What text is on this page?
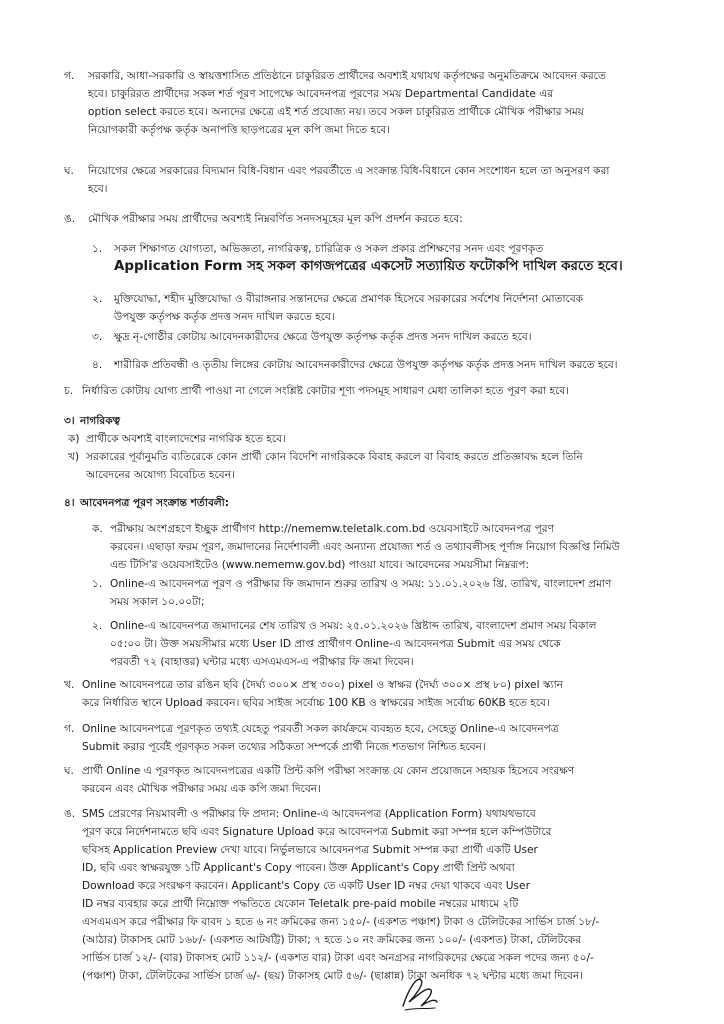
গ. সরকারি, আধা-সরকারি ও স্বায়ত্তশাসিত প্রতিষ্ঠানে চাকুরিরত প্রার্থীদের অবশ্যই যথাযথ কর্তৃপক্ষের অনুমতিক্রমে আবেদন করতে
হবে। চাকুরিরত প্রার্থীদের সকল শর্ত পূরণ সাপেক্ষে আবেদনপত্র পূরণের সময় Departmental Candidate এর
option select করতে হবে। অন্যদের ক্ষেত্রে এই শর্ত প্রযোজ্য নয়। তবে সকল চাকুরিরত প্রার্থীকে মৌখিক পরীক্ষার সময়
নিয়োগকারী কর্তৃপক্ষ কর্তৃক অনাপত্তি ছাড়পত্রের মূল কপি জমা দিতে হবে।
ঘ. নিয়োগের ক্ষেত্রে সরকারের বিদ্যমান বিধি-বিধান এবং পরবর্তীতে এ সংক্রান্ত বিধি-বিধানে কোন সংশোধন হলে তা অনুসরণ করা
হবে।
ঙ. মৌখিক পরীক্ষার সময় প্রার্থীদের অবশ্যই নিম্নবর্ণিত সনদসমূহের মূল কপি প্রদর্শন করতে হবে:
১. সকল শিক্ষাগত যোগ্যতা, অভিজ্ঞতা, নাগরিকত্ব, চারিত্রিক ও সকল প্রকার প্রশিক্ষণের সনদ এবং পূরণকৃত
Application Form সহ সকল কাগজপত্রের একসেট সত্যায়িত ফটোকপি দাখিল করতে হবে।
২. মুক্তিযোদ্ধা, শহীদ মুক্তিযোদ্ধা ও বীরাঙ্গনার সন্তানদের ক্ষেত্রে প্রমাণক হিসেবে সরকারের সর্বশেষ নির্দেশনা মোতাবেক
উপযুক্ত কর্তৃপক্ষ কর্তৃক প্রদত্ত সনদ দাখিল করতে হবে।
৩. ক্ষুদ্র নৃ-গোষ্ঠীর কোটায় আবেদনকারীদের ক্ষেত্রে উপযুক্ত কর্তৃপক্ষ কর্তৃক প্রদত্ত সনদ দাখিল করতে হবে।
৪. শারীরিক প্রতিবন্ধী ও তৃতীয় লিঙ্গের কোটায় আবেদনকারীদের ক্ষেত্রে উপযুক্ত কর্তৃপক্ষ কর্তৃক প্রদত্ত সনদ দাখিল করতে হবে।
চ. নির্ধারিত কোটায় যোগ্য প্রার্থী পাওয়া না গেলে সংশ্লিষ্ট কোটার শূণ্য পদসমূহ সাধারণ মেধা তালিকা হতে পূরণ করা হবে।
৩। নাগরিকত্ব
ক) প্রার্থীকে অবশ্যই বাংলাদেশের নাগরিক হতে হবে।
খ) সরকারের পূর্বানুমতি ব্যতিরেকে কোন প্রার্থী কোন বিদেশি নাগরিককে বিবাহ করলে বা বিবাহ করতে প্রতিজ্ঞাবদ্ধ হলে তিনি
আবেদনের অযোগ্য বিবেচিত হবেন।
৪। আবেদনপত্র পূরণ সংক্রান্ত শর্তাবলী:
ক. পরীক্ষায় অংশগ্রহণে ইচ্ছুক প্রার্থীগণ http://nememw.teletalk.com.bd ওয়েবসাইটে আবেদনপত্র পূরণ
করবেন। এছাড়া ফরম পূরণ, জমাদানের নির্দেশাবলী এবং অন্যান্য প্রযোজ্য শর্ত ও তথ্যাবলীসহ পূর্ণাঙ্গ নিয়োগ বিজ্ঞপ্তি নিমিউ
এন্ড টিসি'র ওয়েবসাইটেও (www.nememw.gov.bd) পাওয়া যাবে। আবেদনের সময়সীমা নিম্নরূপ:
১. Online-এ আবেদনপত্র পূরণ ও পরীক্ষার ফি জমাদান শুরুর তারিখ ও সময়: ১১.০১.২০২৬ খ্রি. তারিখ, বাংলাদেশ প্রমাণ
সময় সকাল ১০.০০টা;
২. Online-এ আবেদনপত্র জমাদানের শেষ তারিখ ও সময়: ২৫.০১.২০২৬ খ্রিষ্টাব্দ তারিখ, বাংলাদেশ প্রমাণ সময় বিকাল
০৫:০০ টা। উক্ত সময়সীমার মধ্যে User ID প্রাপ্ত প্রার্থীগণ Online-এ আবেদনপত্র Submit এর সময় থেকে
পরবর্তী ৭২ (বাহাত্তর) ঘন্টার মধ্যে এসএমএস-এ পরীক্ষার ফি জমা দিবেন।
খ. Online আবেদনপত্রে তার রঙিন ছবি (দৈর্ঘ্য ৩০০× প্রস্থ ৩০০) pixel ও স্বাক্ষর (দৈর্ঘ্য ৩০০× প্রস্থ ৮০) pixel স্ক্যান
করে নির্ধারিত স্থানে Upload করবেন। ছবির সাইজ সর্বোচ্চ 100 KB ও স্বাক্ষরের সাইজ সর্বোচ্চ 60KB হতে হবে।
গ. Online আবেদনপত্রে পূরণকৃত তথ্যই যেহেতু পরবর্তী সকল কার্যক্রমে ব্যবহৃত হবে, সেহেতু Online-এ আবেদনপত্র
Submit করার পূর্বেই পূরণকৃত সকল তথ্যের সঠিকতা সম্পর্কে প্রার্থী নিজে শতভাগ নিশ্চিত হবেন।
ঘ. প্রার্থী Online এ পূরণকৃত আবেদনপত্রের একটি প্রিন্ট কপি পরীক্ষা সংক্রান্ত যে কোন প্রয়োজনে সহায়ক হিসেবে সংরক্ষণ
করবেন এবং মৌখিক পরীক্ষার সময় এক কপি জমা দিবেন।
ঙ. SMS প্রেরণের নিয়মাবলী ও পরীক্ষার ফি প্রদান: Online-এ আবেদনপত্র (Application Form) যথাযথভাবে
পূরণ করে নির্দেশনামতে ছবি এবং Signature Upload করে আবেদনপত্র Submit করা সম্পন্ন হলে কম্পিউটারে
ছবিসহ Application Preview দেখা যাবে। নির্ভুলভাবে আবেদনপত্র Submit সম্পন্ন করা প্রার্থী একটি User
ID, ছবি এবং স্বাক্ষরযুক্ত ১টি Applicant's Copy পাবেন। উক্ত Applicant's Copy প্রার্থী প্রিন্ট অথবা
Download করে সংরক্ষণ করবেন। Applicant's Copy তে একটি User ID নম্বর দেয়া থাকবে এবং User
ID নম্বর ব্যবহার করে প্রার্থী নিম্নোক্ত পদ্ধতিতে যেকোন Teletalk pre-paid mobile নম্বরের মাধ্যমে ২টি
এসএমএস করে পরীক্ষার ফি বাবদ ১ হতে ৬ নং ক্রমিকের জন্য ১৫০/- (একশত পঞ্চাশ) টাকা ও টেলিটকের সার্ভিস চার্জ ১৮/-
(আঠার) টাকাসহ মোট ১৬৮/- (একশত আটষট্টি) টাকা; ৭ হতে ১০ নং ক্রমিকের জন্য ১০০/- (একশত) টাকা, টেলিটকের
সার্ভিস চার্জ ১২/- (বার) টাকাসহ মোট ১১২/- (একশত বার) টাকা এবং অনগ্রসর নাগরিকদের ক্ষেত্রে সকল পদের জন্য ৫০/-
(পঞ্চাশ) টাকা, টেলিটকের সার্ভিস চার্জ ৬/- (ছয়) টাকাসহ মোট ৫৬/- (ছাপ্পান্ন) টাকা অনধিক ৭২ ঘন্টার মধ্যে জমা দিবেন।
